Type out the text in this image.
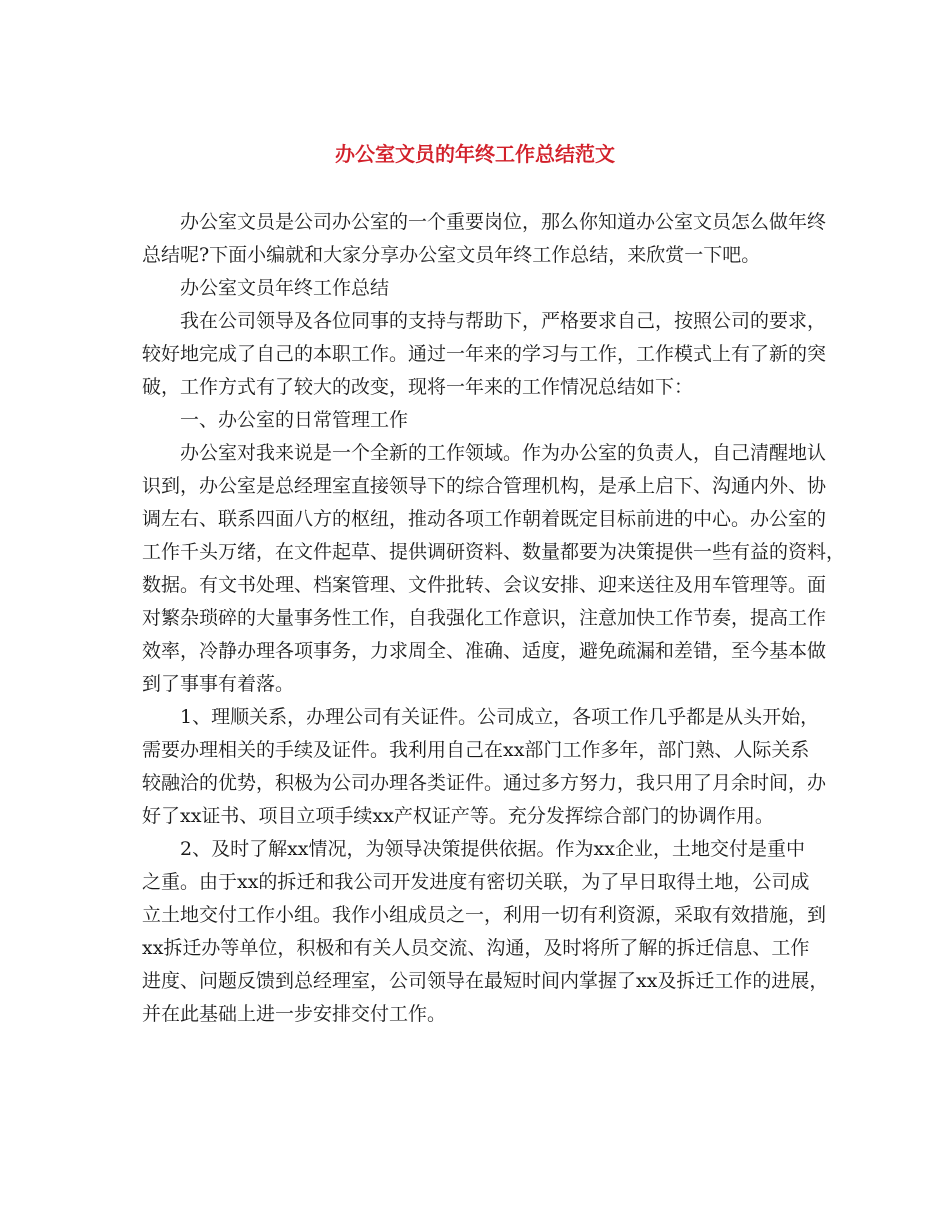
办公室文员的年终工作总结范文
办公室文员是公司办公室的一个重要岗位，那么你知道办公室文员怎么做年终
总结呢?下面小编就和大家分享办公室文员年终工作总结，来欣赏一下吧。
办公室文员年终工作总结
我在公司领导及各位同事的支持与帮助下，严格要求自己，按照公司的要求，
较好地完成了自己的本职工作。通过一年来的学习与工作，工作模式上有了新的突
破，工作方式有了较大的改变，现将一年来的工作情况总结如下：
一、办公室的日常管理工作
办公室对我来说是一个全新的工作领域。作为办公室的负责人，自己清醒地认
识到，办公室是总经理室直接领导下的综合管理机构，是承上启下、沟通内外、协
调左右、联系四面八方的枢纽，推动各项工作朝着既定目标前进的中心。办公室的
工作千头万绪，在文件起草、提供调研资料、数量都要为决策提供一些有益的资料，
数据。有文书处理、档案管理、文件批转、会议安排、迎来送往及用车管理等。面
对繁杂琐碎的大量事务性工作，自我强化工作意识，注意加快工作节奏，提高工作
效率，冷静办理各项事务，力求周全、准确、适度，避免疏漏和差错，至今基本做
到了事事有着落。
1、理顺关系，办理公司有关证件。公司成立，各项工作几乎都是从头开始，
需要办理相关的手续及证件。我利用自己在xx部门工作多年，部门熟、人际关系
较融洽的优势，积极为公司办理各类证件。通过多方努力，我只用了月余时间，办
好了xx证书、项目立项手续xx产权证产等。充分发挥综合部门的协调作用。
2、及时了解xx情况，为领导决策提供依据。作为xx企业，土地交付是重中
之重。由于xx的拆迁和我公司开发进度有密切关联，为了早日取得土地，公司成
立土地交付工作小组。我作小组成员之一，利用一切有利资源，采取有效措施，到
xx拆迁办等单位，积极和有关人员交流、沟通，及时将所了解的拆迁信息、工作
进度、问题反馈到总经理室，公司领导在最短时间内掌握了xx及拆迁工作的进展，
并在此基础上进一步安排交付工作。
